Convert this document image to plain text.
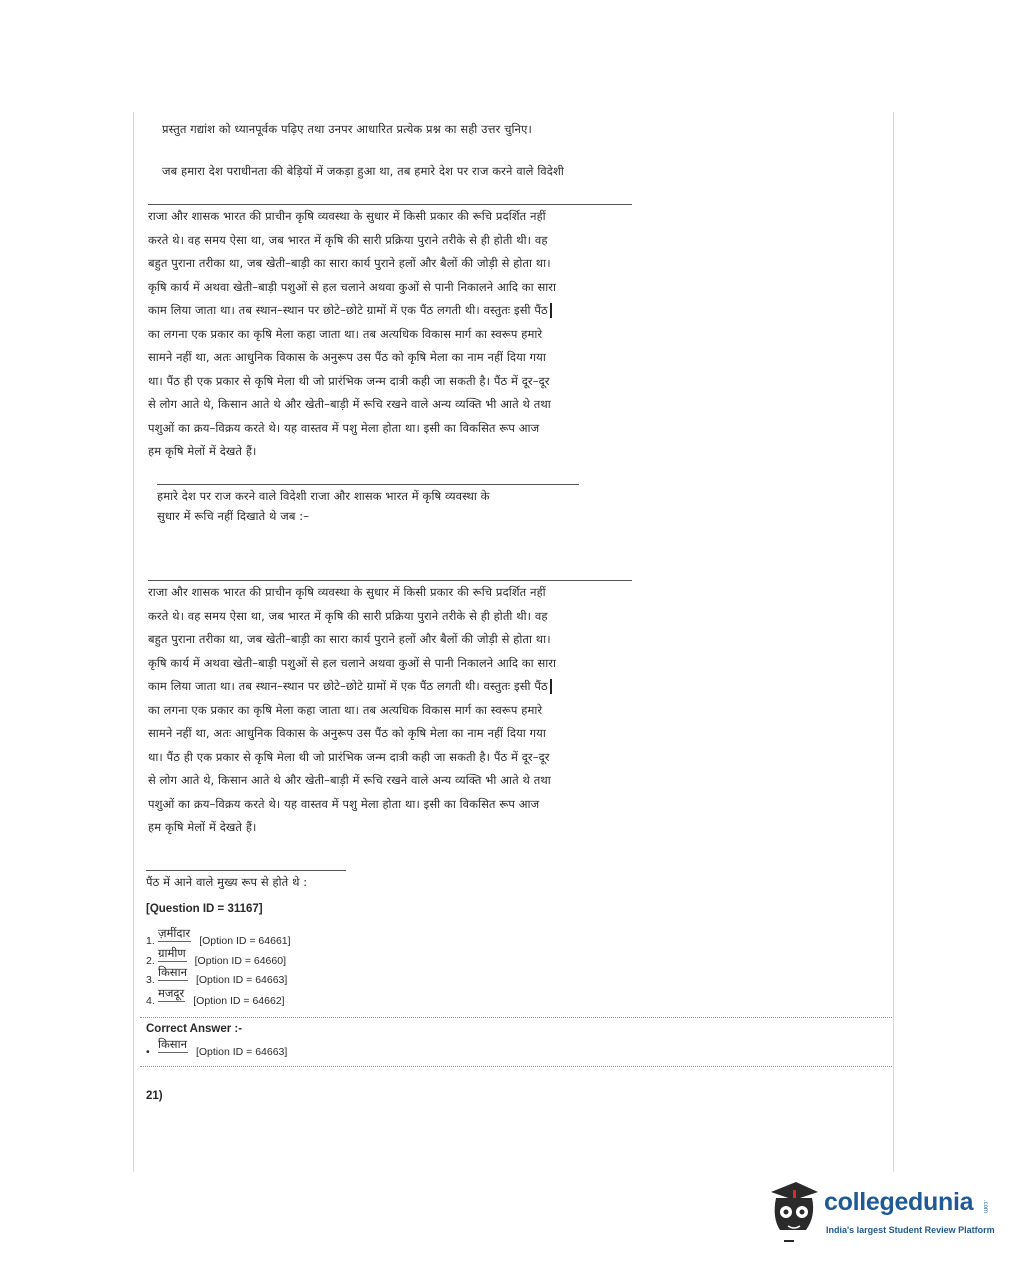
प्रस्तुत गद्यांश को ध्यानपूर्वक पढ़िए तथा उनपर आधारित प्रत्येक प्रश्न का सही उत्तर चुनिए।
जब हमारा देश पराधीनता की बेड़ियों में जकड़ा हुआ था, तब हमारे देश पर राज करने वाले विदेशी
राजा और शासक भारत की प्राचीन कृषि व्यवस्था के सुधार में किसी प्रकार की रूचि प्रदर्शित नहीं
करते थे। वह समय ऐसा था, जब भारत में कृषि की सारी प्रक्रिया पुराने तरीके से ही होती थी। वह
बहुत पुराना तरीका था, जब खेती–बाड़ी का सारा कार्य पुराने हलों और बैलों की जोड़ी से होता था।
कृषि कार्य में अथवा खेती–बाड़ी पशुओं से हल चलाने अथवा कुओं से पानी निकालने आदि का सारा
काम लिया जाता था। तब स्थान–स्थान पर छोटे–छोटे ग्रामों में एक पैंठ लगती थी। वस्तुतः इसी पैंठ
का लगना एक प्रकार का कृषि मेला कहा जाता था। तब अत्यधिक विकास मार्ग का स्वरूप हमारे
सामने नहीं था, अतः आधुनिक विकास के अनुरूप उस पैंठ को कृषि मेला का नाम नहीं दिया गया
था। पैंठ ही एक प्रकार से कृषि मेला थी जो प्रारंभिक जन्म दात्री कही जा सकती है। पैंठ में दूर–दूर
से लोग आते थे, किसान आते थे और खेती–बाड़ी में रूचि रखने वाले अन्य व्यक्ति भी आते थे तथा
पशुओं का क्रय–विक्रय करते थे। यह वास्तव में पशु मेला होता था। इसी का विकसित रूप आज
हम कृषि मेलों में देखते हैं।
हमारे देश पर राज करने वाले विदेशी राजा और शासक भारत में कृषि व्यवस्था के
सुधार में रूचि नहीं दिखाते थे जब :–
राजा और शासक भारत की प्राचीन कृषि व्यवस्था के सुधार में किसी प्रकार की रूचि प्रदर्शित नहीं
करते थे। वह समय ऐसा था, जब भारत में कृषि की सारी प्रक्रिया पुराने तरीके से ही होती थी। वह
बहुत पुराना तरीका था, जब खेती–बाड़ी का सारा कार्य पुराने हलों और बैलों की जोड़ी से होता था।
कृषि कार्य में अथवा खेती–बाड़ी पशुओं से हल चलाने अथवा कुओं से पानी निकालने आदि का सारा
काम लिया जाता था। तब स्थान–स्थान पर छोटे–छोटे ग्रामों में एक पैंठ लगती थी। वस्तुतः इसी पैंठ
का लगना एक प्रकार का कृषि मेला कहा जाता था। तब अत्यधिक विकास मार्ग का स्वरूप हमारे
सामने नहीं था, अतः आधुनिक विकास के अनुरूप उस पैंठ को कृषि मेला का नाम नहीं दिया गया
था। पैंठ ही एक प्रकार से कृषि मेला थी जो प्रारंभिक जन्म दात्री कही जा सकती है। पैंठ में दूर–दूर
से लोग आते थे, किसान आते थे और खेती–बाड़ी में रूचि रखने वाले अन्य व्यक्ति भी आते थे तथा
पशुओं का क्रय–विक्रय करते थे। यह वास्तव में पशु मेला होता था। इसी का विकसित रूप आज
हम कृषि मेलों में देखते हैं।
पैंठ में आने वाले मुख्य रूप से होते थे :
[Question ID = 31167]
1.ज़मींदार[Option ID = 64661]
2.ग्रामीण[Option ID = 64660]
3.किसान[Option ID = 64663]
4.मजदूर[Option ID = 64662]
Correct Answer :-
•किसान[Option ID = 64663]
21)
collegedunia .com
India's largest Student Review Platform
